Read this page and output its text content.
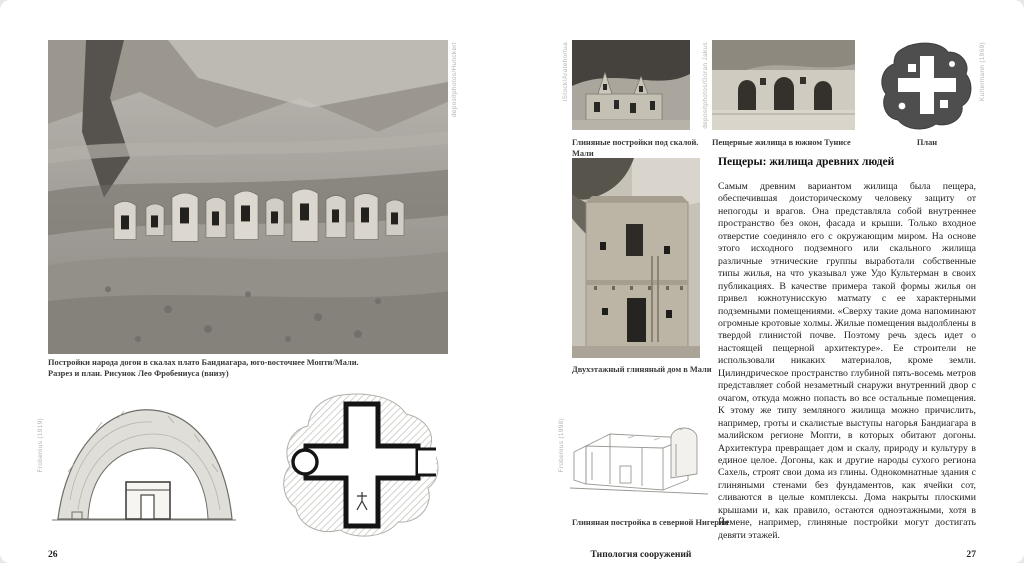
depositphotos/Hunckert
Постройки народа догон в скалах плато Бандиагара, юго-восточнее Мопти/Мали.
Разрез и план. Рисунок Лео Фробениуса (внизу)
Frobenius (1919)
iStock/Aratehortua
Глиняные постройки под скалой. Мали
depositphotos/Goran Jakus
Пещерные жилища в южном Тунисе
Kultermann (1969)
План
Двухэтажный глиняный дом в Мали
Frobenius (1998)
Глиняная постройка в северной Нигерии
Пещеры: жилища древних людей
Самым древним вариантом жилища была пещера, обеспечившая доисторическому человеку защиту от непогоды и врагов. Она представляла собой внутреннее пространство без окон, фасада и крыши. Только входное отверстие соединяло его с окружающим миром. На основе этого исходного подземного или скального жилища различные этнические группы выработали собственные типы жилья, на что указывал уже Удо Культерман в своих публикациях. В качестве примера такой формы жилья он привел южнотунисскую матмату с ее характерными подземными помещениями. «Сверху такие дома напоминают огромные кротовые холмы. Жилые помещения выдолблены в твердой глинистой почве. Поэтому речь здесь идет о настоящей пещерной архитектуре». Ее строители не использовали никаких материалов, кроме земли. Цилиндрическое пространство глубиной пять-восемь метров представляет собой незаметный снаружи внутренний двор с очагом, откуда можно попасть во все остальные помещения. К этому же типу земляного жилища можно причислить, например, гроты и скалистые выступы нагорья Бандиагара в малийском регионе Мопти, в которых обитают догоны. Архитектура превращает дом и скалу, природу и культуру в единое целое. Догоны, как и другие народы сухого региона Сахель, строят свои дома из глины. Однокомнатные здания с глиняными стенами без фундаментов, как ячейки сот, сливаются в целые комплексы. Дома накрыты плоскими крышами и, как правило, остаются одноэтажными, хотя в Йемене, например, глиняные постройки могут достигать девяти этажей.
26	Типология сооружений	27
